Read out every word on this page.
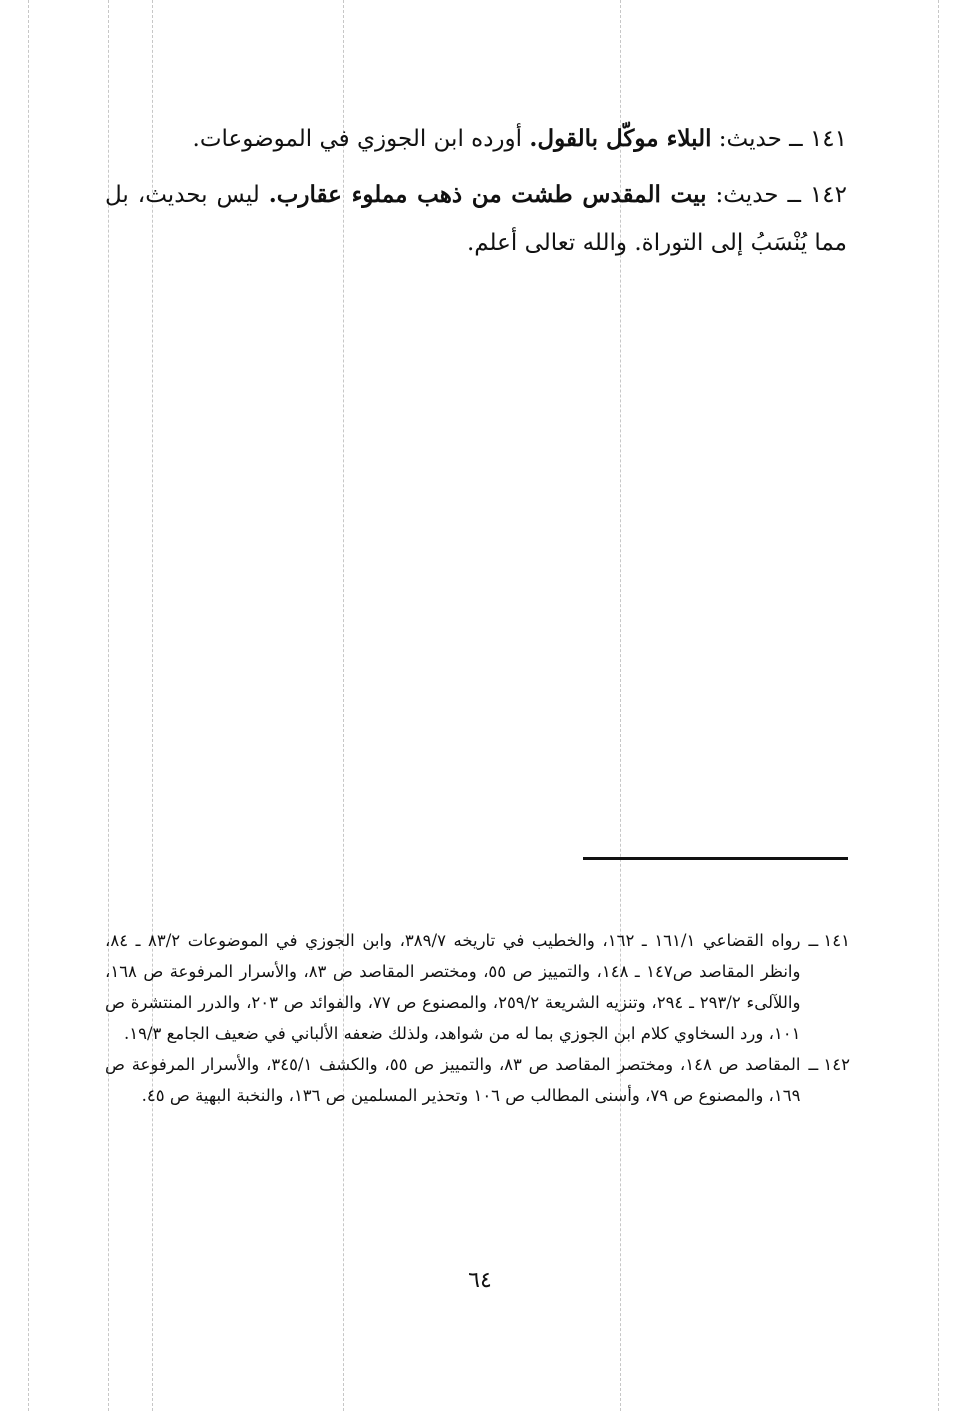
١٤١ ــ حديث: البلاء موكّل بالقول. أورده ابن الجوزي في الموضوعات.

١٤٢ ــ حديث: بيت المقدس طشت من ذهب مملوء عقارب. ليس بحديث، بل مما يُنْسَبُ إلى التوراة. والله تعالى أعلم.

١٤١ ــ
رواه القضاعي ١٦١/١ ـ ١٦٢، والخطيب في تاريخه ٣٨٩/٧، وابن الجوزي في الموضوعات ٨٣/٢ ـ ٨٤، وانظر المقاصد ص١٤٧ ـ ١٤٨، والتمييز ص ٥٥، ومختصر المقاصد ص ٨٣، والأسرار المرفوعة ص ١٦٨، واللآلىء ٢٩٣/٢ ـ ٢٩٤، وتنزيه الشريعة ٢٥٩/٢، والمصنوع ص ٧٧، والفوائد ص ٢٠٣، والدرر المنتشرة ص ١٠١، ورد السخاوي كلام ابن الجوزي بما له من شواهد، ولذلك ضعفه الألباني في ضعيف الجامع ١٩/٣.
١٤٢ ــ
المقاصد ص ١٤٨، ومختصر المقاصد ص ٨٣، والتمييز ص ٥٥، والكشف ٣٤٥/١، والأسرار المرفوعة ص ١٦٩، والمصنوع ص ٧٩، وأسنى المطالب ص ١٠٦ وتحذير المسلمين ص ١٣٦، والنخبة البهية ص ٤٥.
٦٤
